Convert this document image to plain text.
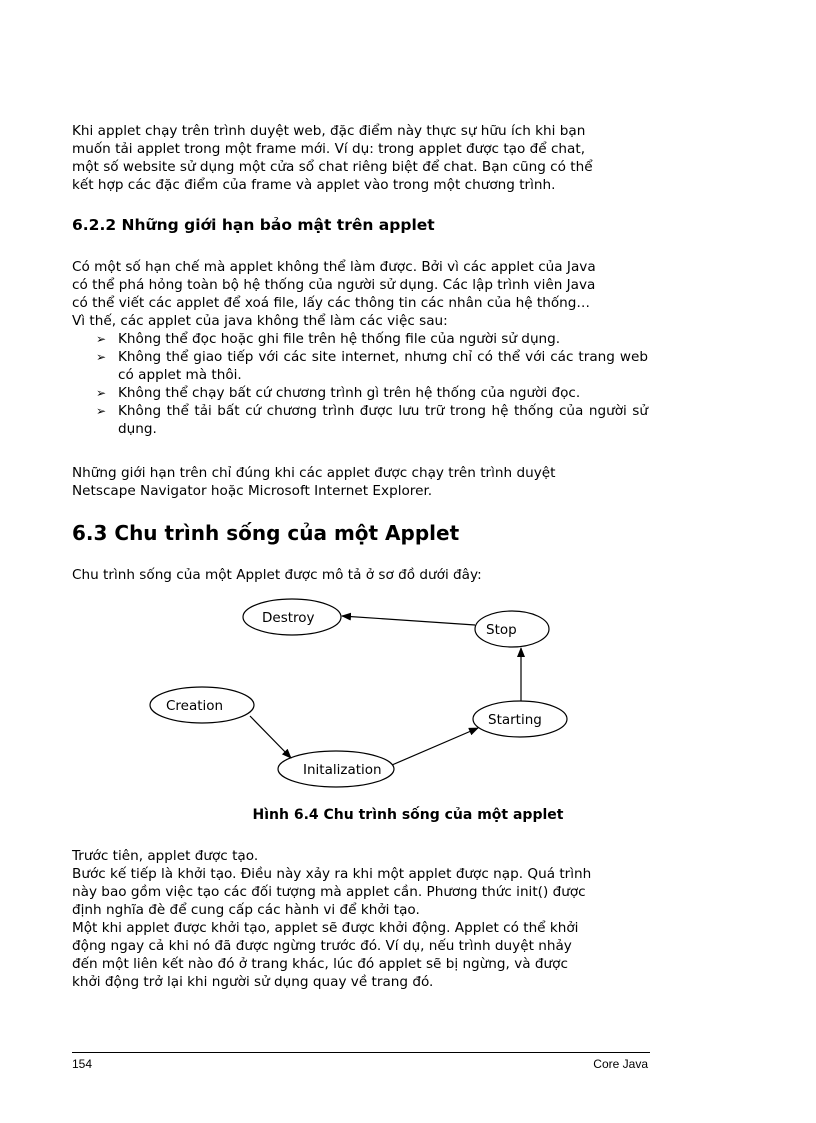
Khi applet chạy trên trình duyệt web, đặc điểm này thực sự hữu ích khi bạn
muốn tải applet trong một frame mới. Ví dụ: trong applet được tạo để chat,
một số website sử dụng một cửa sổ chat riêng biệt để chat. Bạn cũng có thể
kết hợp các đặc điểm của frame và applet vào trong một chương trình.
6.2.2 Những giới hạn bảo mật trên applet
Có một số hạn chế mà applet không thể làm được. Bởi vì các applet của Java
có thể phá hỏng toàn bộ hệ thống của người sử dụng. Các lập trình viên Java
có thể viết các applet để xoá file, lấy các thông tin các nhân của hệ thống…
Vì thế, các applet của java không thể làm các việc sau:
➢ Không thể đọc hoặc ghi file trên hệ thống file của người sử dụng.
➢ Không thể giao tiếp với các site internet, nhưng chỉ có thể với các trang web có applet mà thôi.
➢ Không thể chạy bất cứ chương trình gì trên hệ thống của người đọc.
➢ Không thể tải bất cứ chương trình được lưu trữ trong hệ thống của người sử dụng.
Những giới hạn trên chỉ đúng khi các applet được chạy trên trình duyệt
Netscape Navigator hoặc Microsoft Internet Explorer.
6.3 Chu trình sống của một Applet
Chu trình sống của một Applet được mô tả ở sơ đồ dưới đây:
Destroy
Stop
Creation
Starting
Initalization
Hình 6.4 Chu trình sống của một applet
Trước tiên, applet được tạo.
Bước kế tiếp là khởi tạo. Điều này xảy ra khi một applet được nạp. Quá trình
này bao gồm việc tạo các đối tượng mà applet cần. Phương thức init() được
định nghĩa đè để cung cấp các hành vi để khởi tạo.
Một khi applet được khởi tạo, applet sẽ được khởi động. Applet có thể khởi
động ngay cả khi nó đã được ngừng trước đó. Ví dụ, nếu trình duyệt nhảy
đến một liên kết nào đó ở trang khác, lúc đó applet sẽ bị ngừng, và được
khởi động trở lại khi người sử dụng quay về trang đó.
154	Core Java
